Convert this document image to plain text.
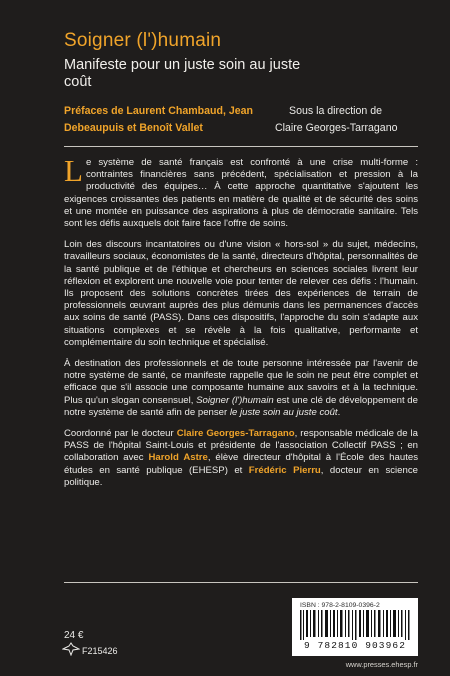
Soigner (l')humain
Manifeste pour un juste soin au juste coût
Préfaces de Laurent Chambaud, Jean Debeaupuis et Benoît Vallet
Sous la direction de
Claire Georges-Tarragano

Le système de santé français est confronté à une crise multi-forme : contraintes financières sans précédent, spécialisation et pression à la productivité des équipes… À cette approche quantitative s'ajoutent les exigences croissantes des patients en matière de qualité et de sécurité des soins et une montée en puissance des aspirations à plus de démocratie sanitaire. Tels sont les défis auxquels doit faire face l'offre de soins.

Loin des discours incantatoires ou d'une vision « hors-sol » du sujet, médecins, travailleurs sociaux, économistes de la santé, directeurs d'hôpital, personnalités de la santé publique et de l'éthique et chercheurs en sciences sociales livrent leur réflexion et explorent une nouvelle voie pour tenter de relever ces défis : l'humain. Ils proposent des solutions concrètes tirées des expériences de terrain de professionnels œuvrant auprès des plus démunis dans les permanences d'accès aux soins de santé (PASS). Dans ces dispositifs, l'approche du soin s'adapte aux situations complexes et se révèle à la fois qualitative, performante et complémentaire du soin technique et spécialisé.

À destination des professionnels et de toute personne intéressée par l'avenir de notre système de santé, ce manifeste rappelle que le soin ne peut être complet et efficace que s'il associe une composante humaine aux savoirs et à la technique. Plus qu'un slogan consensuel, Soigner (l')humain est une clé de développement de notre système de santé afin de penser le juste soin au juste coût.

Coordonné par le docteur Claire Georges-Tarragano, responsable médicale de la PASS de l'hôpital Saint-Louis et présidente de l'association Collectif PASS ; en collaboration avec Harold Astre, élève directeur d'hôpital à l'École des hautes études en santé publique (EHESP) et Frédéric Pierru, docteur en science politique.

9 782810 903962
ISBN : 978-2-8109-0396-2
24 €
F215426
www.presses.ehesp.fr
